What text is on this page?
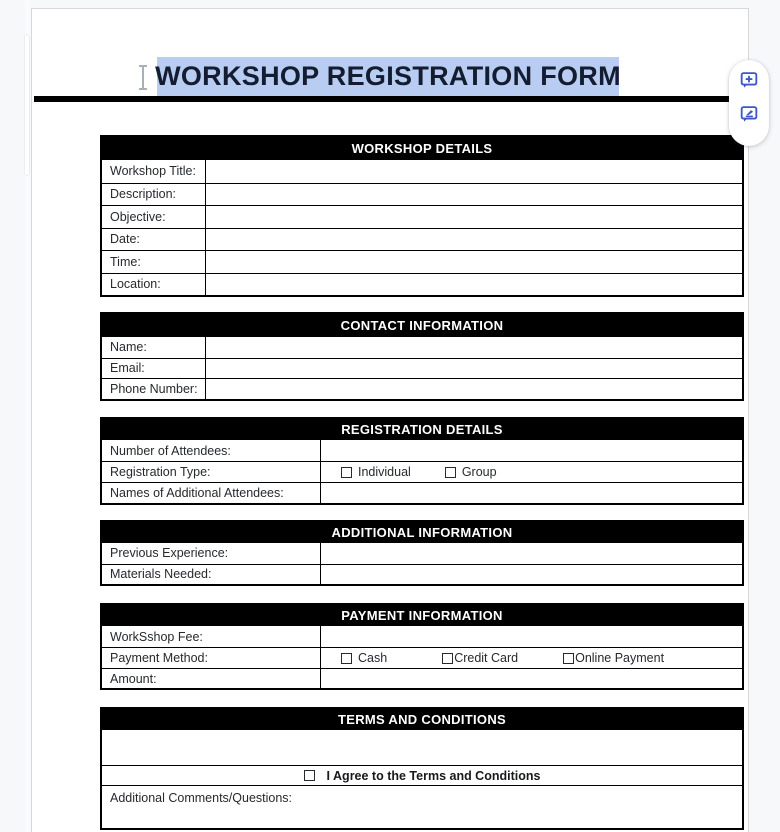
WORKSHOP REGISTRATION FORM
WORKSHOP DETAILS
Workshop Title:
Description:
Objective:
Date:
Time:
Location:
CONTACT INFORMATION
Name:
Email:
Phone Number:
REGISTRATION DETAILS
Number of Attendees:
Registration Type:	Individual	Group
Names of Additional Attendees:
ADDITIONAL INFORMATION
Previous Experience:
Materials Needed:
PAYMENT INFORMATION
WorkSshop Fee:
Payment Method:	Cash	Credit Card	Online Payment
Amount:
TERMS AND CONDITIONS
I Agree to the Terms and Conditions
Additional Comments/Questions:
